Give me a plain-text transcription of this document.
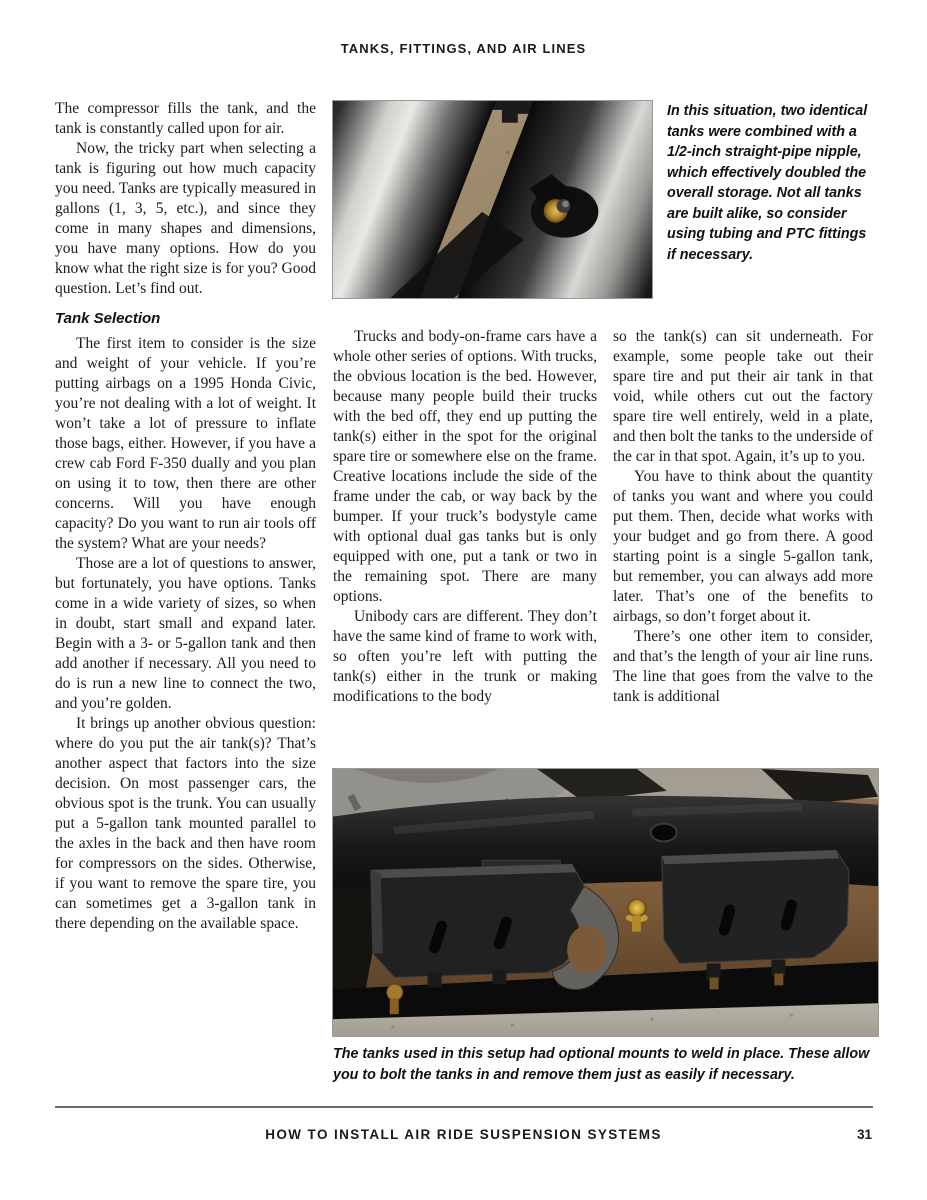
TANKS, FITTINGS, AND AIR LINES

The compressor fills the tank, and the tank is constantly called upon for air.

Now, the tricky part when selecting a tank is figuring out how much capacity you need. Tanks are typically measured in gallons (1, 3, 5, etc.), and since they come in many shapes and dimensions, you have many options. How do you know what the right size is for you? Good question. Let’s find out.

Tank Selection

The first item to consider is the size and weight of your vehicle. If you’re putting airbags on a 1995 Honda Civic, you’re not dealing with a lot of weight. It won’t take a lot of pressure to inflate those bags, either. However, if you have a crew cab Ford F-350 dually and you plan on using it to tow, then there are other concerns. Will you have enough capacity? Do you want to run air tools off the system? What are your needs?

Those are a lot of questions to answer, but fortunately, you have options. Tanks come in a wide variety of sizes, so when in doubt, start small and expand later. Begin with a 3- or 5-gallon tank and then add another if necessary. All you need to do is run a new line to connect the two, and you’re golden.

It brings up another obvious question: where do you put the air tank(s)? That’s another aspect that factors into the size decision. On most passenger cars, the obvious spot is the trunk. You can usually put a 5-gallon tank mounted parallel to the axles in the back and then have room for compressors on the sides. Otherwise, if you want to remove the spare tire, you can sometimes get a 3-gallon tank in there depending on the available space.

In this situation, two identical tanks were combined with a 1/2-inch straight-pipe nipple, which effectively doubled the overall storage. Not all tanks are built alike, so consider using tubing and PTC fittings if necessary.

Trucks and body-on-frame cars have a whole other series of options. With trucks, the obvious location is the bed. However, because many people build their trucks with the bed off, they end up putting the tank(s) either in the spot for the original spare tire or somewhere else on the frame. Creative locations include the side of the frame under the cab, or way back by the bumper. If your truck’s bodystyle came with optional dual gas tanks but is only equipped with one, put a tank or two in the remaining spot. There are many options.

Unibody cars are different. They don’t have the same kind of frame to work with, so often you’re left with putting the tank(s) either in the trunk or making modifications to the body

so the tank(s) can sit underneath. For example, some people take out their spare tire and put their air tank in that void, while others cut out the factory spare tire well entirely, weld in a plate, and then bolt the tanks to the underside of the car in that spot. Again, it’s up to you.

You have to think about the quantity of tanks you want and where you could put them. Then, decide what works with your budget and go from there. A good starting point is a single 5-gallon tank, but remember, you can always add more later. That’s one of the benefits to airbags, so don’t forget about it.

There’s one other item to consider, and that’s the length of your air line runs. The line that goes from the valve to the tank is additional

The tanks used in this setup had optional mounts to weld in place. These allow you to bolt the tanks in and remove them just as easily if necessary.
HOW TO INSTALL AIR RIDE SUSPENSION SYSTEMS	31
